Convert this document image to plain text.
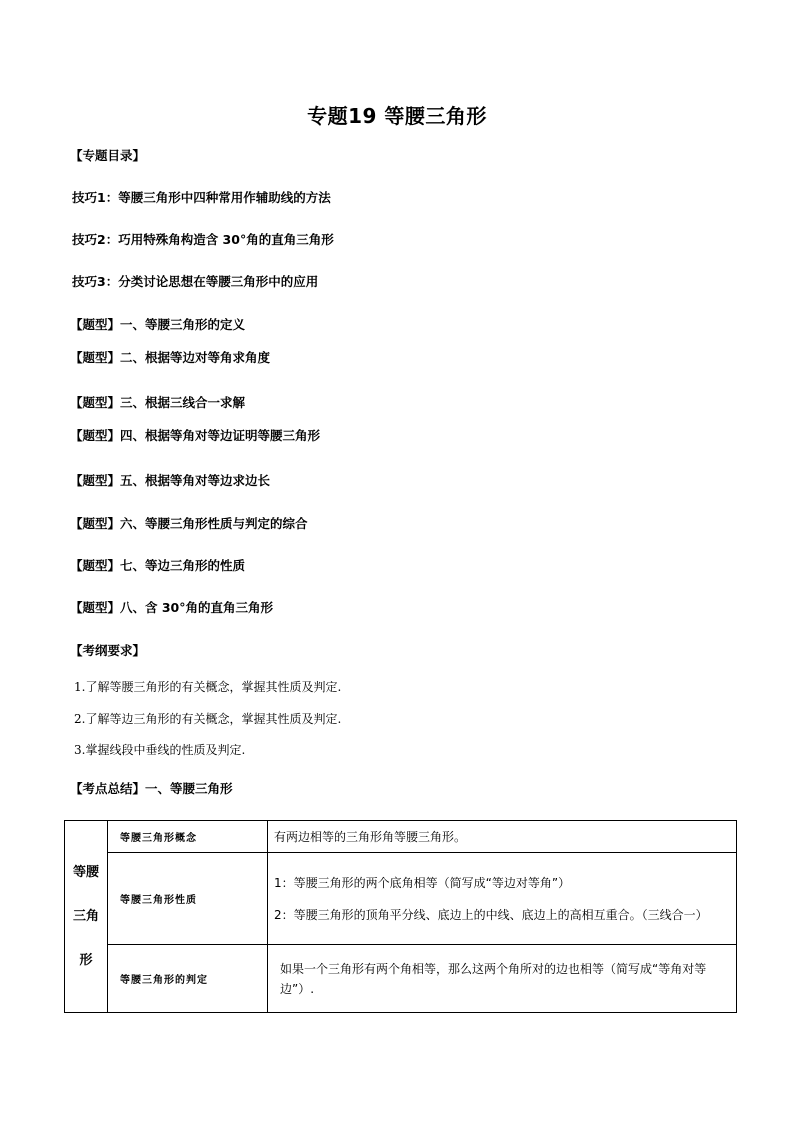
专题19 等腰三角形
【专题目录】
技巧1：等腰三角形中四种常用作辅助线的方法
技巧2：巧用特殊角构造含 30°角的直角三角形
技巧3：分类讨论思想在等腰三角形中的应用
【题型】一、等腰三角形的定义
【题型】二、根据等边对等角求角度
【题型】三、根据三线合一求解
【题型】四、根据等角对等边证明等腰三角形
【题型】五、根据等角对等边求边长
【题型】六、等腰三角形性质与判定的综合
【题型】七、等边三角形的性质
【题型】八、含 30°角的直角三角形
【考纲要求】
1.了解等腰三角形的有关概念，掌握其性质及判定.
2.了解等边三角形的有关概念，掌握其性质及判定.
3.掌握线段中垂线的性质及判定.
【考点总结】一、等腰三角形
等腰
三角
形	等腰三角形概念	有两边相等的三角形角等腰三角形。

	等腰三角形性质	1：等腰三角形的两个底角相等（简写成“等边对等角”）

2：等腰三角形的顶角平分线、底边上的中线、底边上的高相互重合。（三线合一）

	等腰三角形的判定	如果一个三角形有两个角相等，那么这两个角所对的边也相等（简写成“等角对等

边”）.
